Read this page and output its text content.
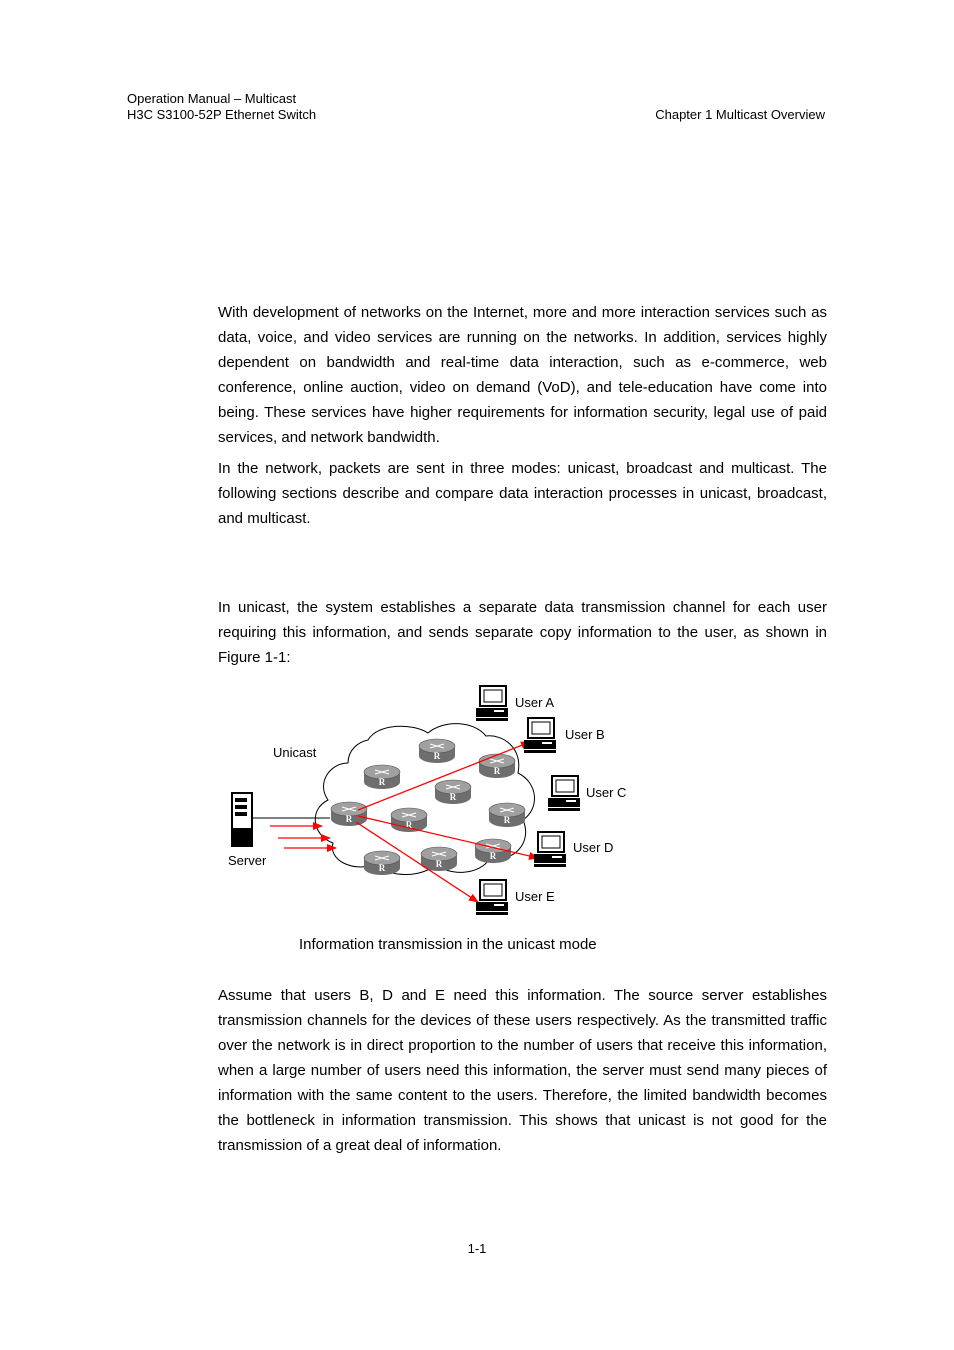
Operation Manual – Multicast
H3C S3100-52P Ethernet Switch	Chapter 1 Multicast Overview

With development of networks on the Internet, more and more interaction services such as data, voice, and video services are running on the networks. In addition, services highly dependent on bandwidth and real-time data interaction, such as e-commerce, web conference, online auction, video on demand (VoD), and tele-education have come into being. These services have higher requirements for information security, legal use of paid services, and network bandwidth.

In the network, packets are sent in three modes: unicast, broadcast and multicast. The following sections describe and compare data interaction processes in unicast, broadcast, and multicast.

In unicast, the system establishes a separate data transmission channel for each user requiring this information, and sends separate copy information to the user, as shown in Figure 1-1:

Server
Unicast	R
R
R
R
R
R	R
R	R
R
User A
User B
User C
User D
User E
Information transmission in the unicast mode

Assume that users B, D and E need this information. The source server establishes transmission channels for the devices of these users respectively. As the transmitted traffic over the network is in direct proportion to the number of users that receive this information, when a large number of users need this information, the server must send many pieces of information with the same content to the users. Therefore, the limited bandwidth becomes the bottleneck in information transmission. This shows that unicast is not good for the transmission of a great deal of information.

1-1
